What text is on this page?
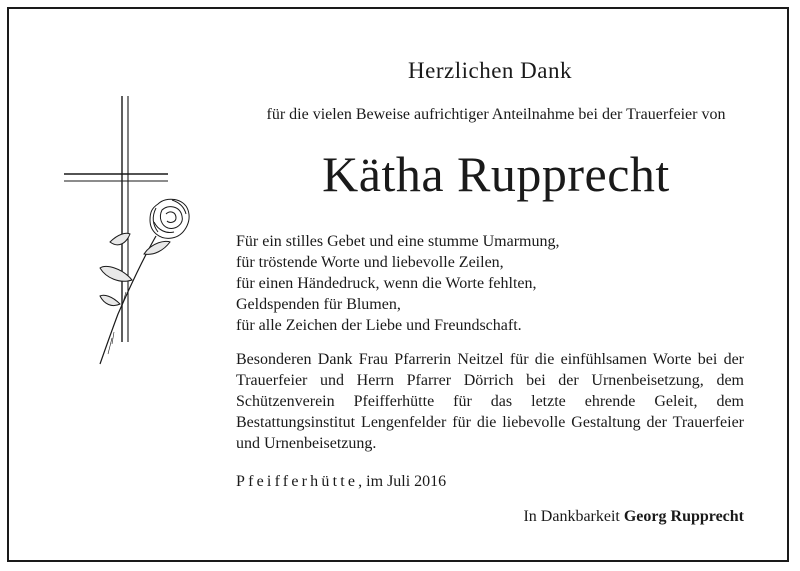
Herzlichen Dank
für die vielen Beweise aufrichtiger Anteilnahme bei der Trauerfeier von
Kätha Rupprecht
Für ein stilles Gebet und eine stumme Umarmung,
für tröstende Worte und liebevolle Zeilen,
für einen Händedruck, wenn die Worte fehlten,
Geldspenden für Blumen,
für alle Zeichen der Liebe und Freundschaft.
Besonderen Dank Frau Pfarrerin Neitzel für die einfühlsamen Worte bei der Trauerfeier und Herrn Pfarrer Dörrich bei der Urnenbeisetzung, dem Schützenverein Pfeifferhütte für das letzte ehrende Geleit, dem Bestattungsinstitut Lengenfelder für die liebevolle Gestaltung der Trauerfeier und Urnenbeisetzung.
Pfeifferhütte, im Juli 2016
In Dankbarkeit Georg Rupprecht
